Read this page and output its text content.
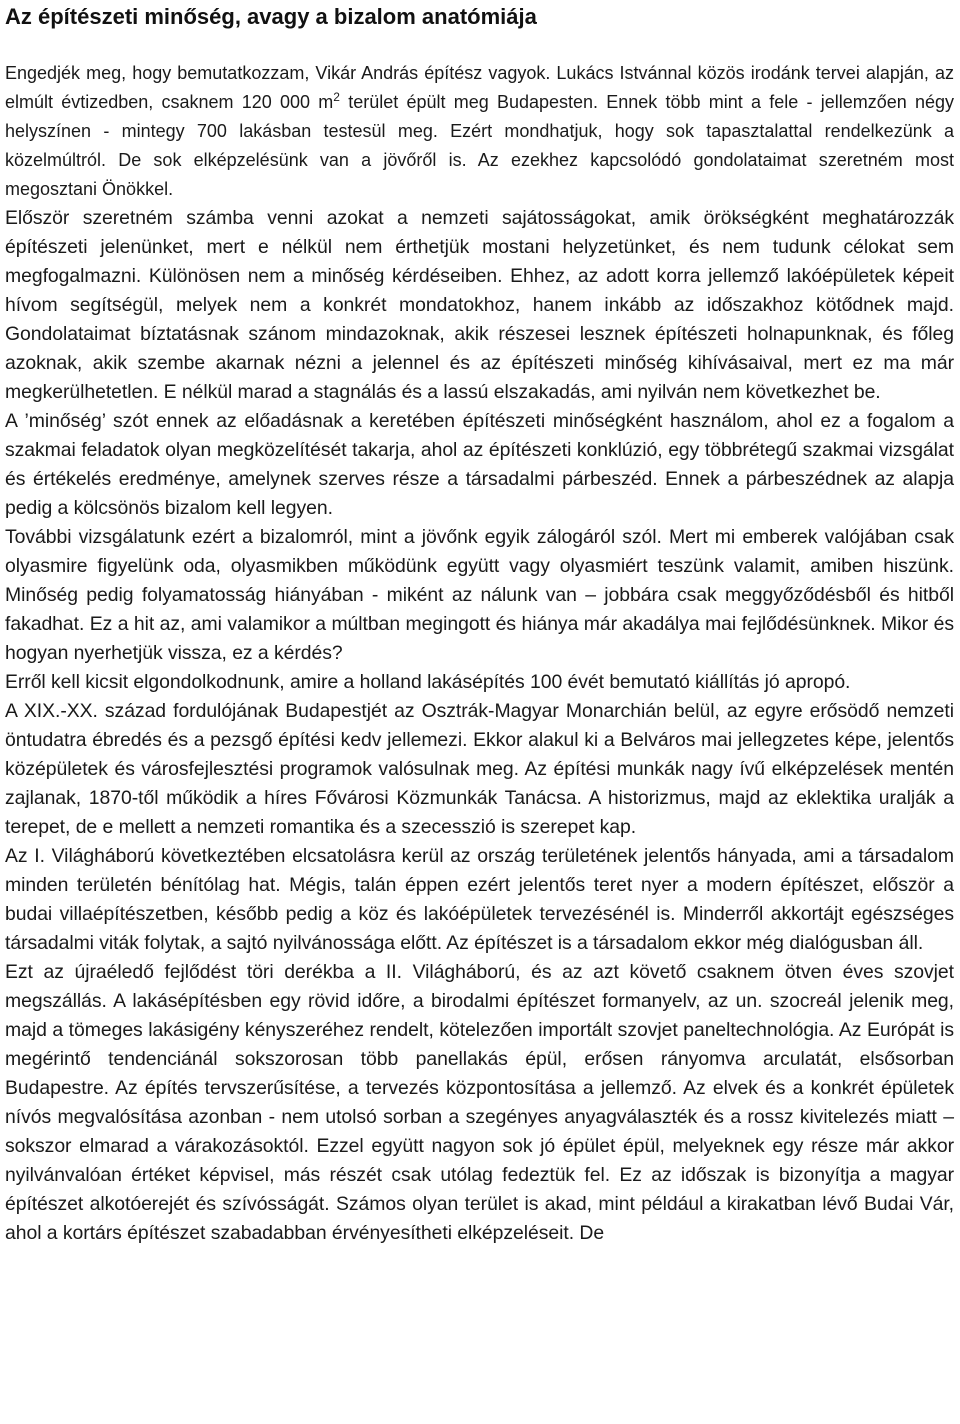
Az építészeti minőség, avagy a bizalom anatómiája

Engedjék meg, hogy bemutatkozzam, Vikár András építész vagyok. Lukács Istvánnal közös irodánk tervei alapján, az elmúlt évtizedben, csaknem 120 000 $m^2$ terület épült meg Budapesten. Ennek több mint a fele - jellemzően négy helyszínen - mintegy 700 lakásban testesül meg. Ezért mondhatjuk, hogy sok tapasztalattal rendelkezünk a közelmúltról. De sok elképzelésünk van a jövőről is. Az ezekhez kapcsolódó gondolataimat szeretném most megosztani Önökkel.

Először szeretném számba venni azokat a nemzeti sajátosságokat, amik örökségként meghatározzák építészeti jelenünket, mert e nélkül nem érthetjük mostani helyzetünket, és nem tudunk célokat sem megfogalmazni. Különösen nem a minőség kérdéseiben. Ehhez, az adott korra jellemző lakóépületek képeit hívom segítségül, melyek nem a konkrét mondatokhoz, hanem inkább az időszakhoz kötődnek majd. Gondolataimat bíztatásnak szánom mindazoknak, akik részesei lesznek építészeti holnapunknak, és főleg azoknak, akik szembe akarnak nézni a jelennel és az építészeti minőség kihívásaival, mert ez ma már megkerülhetetlen. E nélkül marad a stagnálás és a lassú elszakadás, ami nyilván nem következhet be.

A ’minőség’ szót ennek az előadásnak a keretében építészeti minőségként használom, ahol ez a fogalom a szakmai feladatok olyan megközelítését takarja, ahol az építészeti konklúzió, egy többrétegű szakmai vizsgálat és értékelés eredménye, amelynek szerves része a társadalmi párbeszéd. Ennek a párbeszédnek az alapja pedig a kölcsönös bizalom kell legyen.

További vizsgálatunk ezért a bizalomról, mint a jövőnk egyik zálogáról szól. Mert mi emberek valójában csak olyasmire figyelünk oda, olyasmikben működünk együtt vagy olyasmiért teszünk valamit, amiben hiszünk. Minőség pedig folyamatosság hiányában - miként az nálunk van – jobbára csak meggyőződésből és hitből fakadhat. Ez a hit az, ami valamikor a múltban megingott és hiánya már akadálya mai fejlődésünknek. Mikor és hogyan nyerhetjük vissza, ez a kérdés?

Erről kell kicsit elgondolkodnunk, amire a holland lakásépítés 100 évét bemutató kiállítás jó apropó.

A XIX.-XX. század fordulójának Budapestjét az Osztrák-Magyar Monarchián belül, az egyre erősödő nemzeti öntudatra ébredés és a pezsgő építési kedv jellemezi. Ekkor alakul ki a Belváros mai jellegzetes képe, jelentős középületek és városfejlesztési programok valósulnak meg. Az építési munkák nagy ívű elképzelések mentén zajlanak, 1870-től működik a híres Fővárosi Közmunkák Tanácsa. A historizmus, majd az eklektika uralják a terepet, de e mellett a nemzeti romantika és a szecesszió is szerepet kap.

Az I. Világháború következtében elcsatolásra kerül az ország területének jelentős hányada, ami a társadalom minden területén bénítólag hat. Mégis, talán éppen ezért jelentős teret nyer a modern építészet, először a budai villaépítészetben, később pedig a köz és lakóépületek tervezésénél is. Minderről akkortájt egészséges társadalmi viták folytak, a sajtó nyilvánossága előtt. Az építészet is a társadalom ekkor még dialógusban áll.

Ezt az újraéledő fejlődést töri derékba a II. Világháború, és az azt követő csaknem ötven éves szovjet megszállás. A lakásépítésben egy rövid időre, a birodalmi építészet formanyelv, az un. szocreál jelenik meg, majd a tömeges lakásigény kényszeréhez rendelt, kötelezően importált szovjet paneltechnológia. Az Európát is megérintő tendenciánál sokszorosan több panellakás épül, erősen rányomva arculatát, elsősorban Budapestre. Az építés tervszerűsítése, a tervezés központosítása a jellemző. Az elvek és a konkrét épületek nívós megvalósítása azonban - nem utolsó sorban a szegényes anyagválaszték és a rossz kivitelezés miatt – sokszor elmarad a várakozásoktól. Ezzel együtt nagyon sok jó épület épül, melyeknek egy része már akkor nyilvánvalóan értéket képvisel, más részét csak utólag fedeztük fel. Ez az időszak is bizonyítja a magyar építészet alkotóerejét és szívósságát. Számos olyan terület is akad, mint például a kirakatban lévő Budai Vár, ahol a kortárs építészet szabadabban érvényesítheti elképzeléseit. De
